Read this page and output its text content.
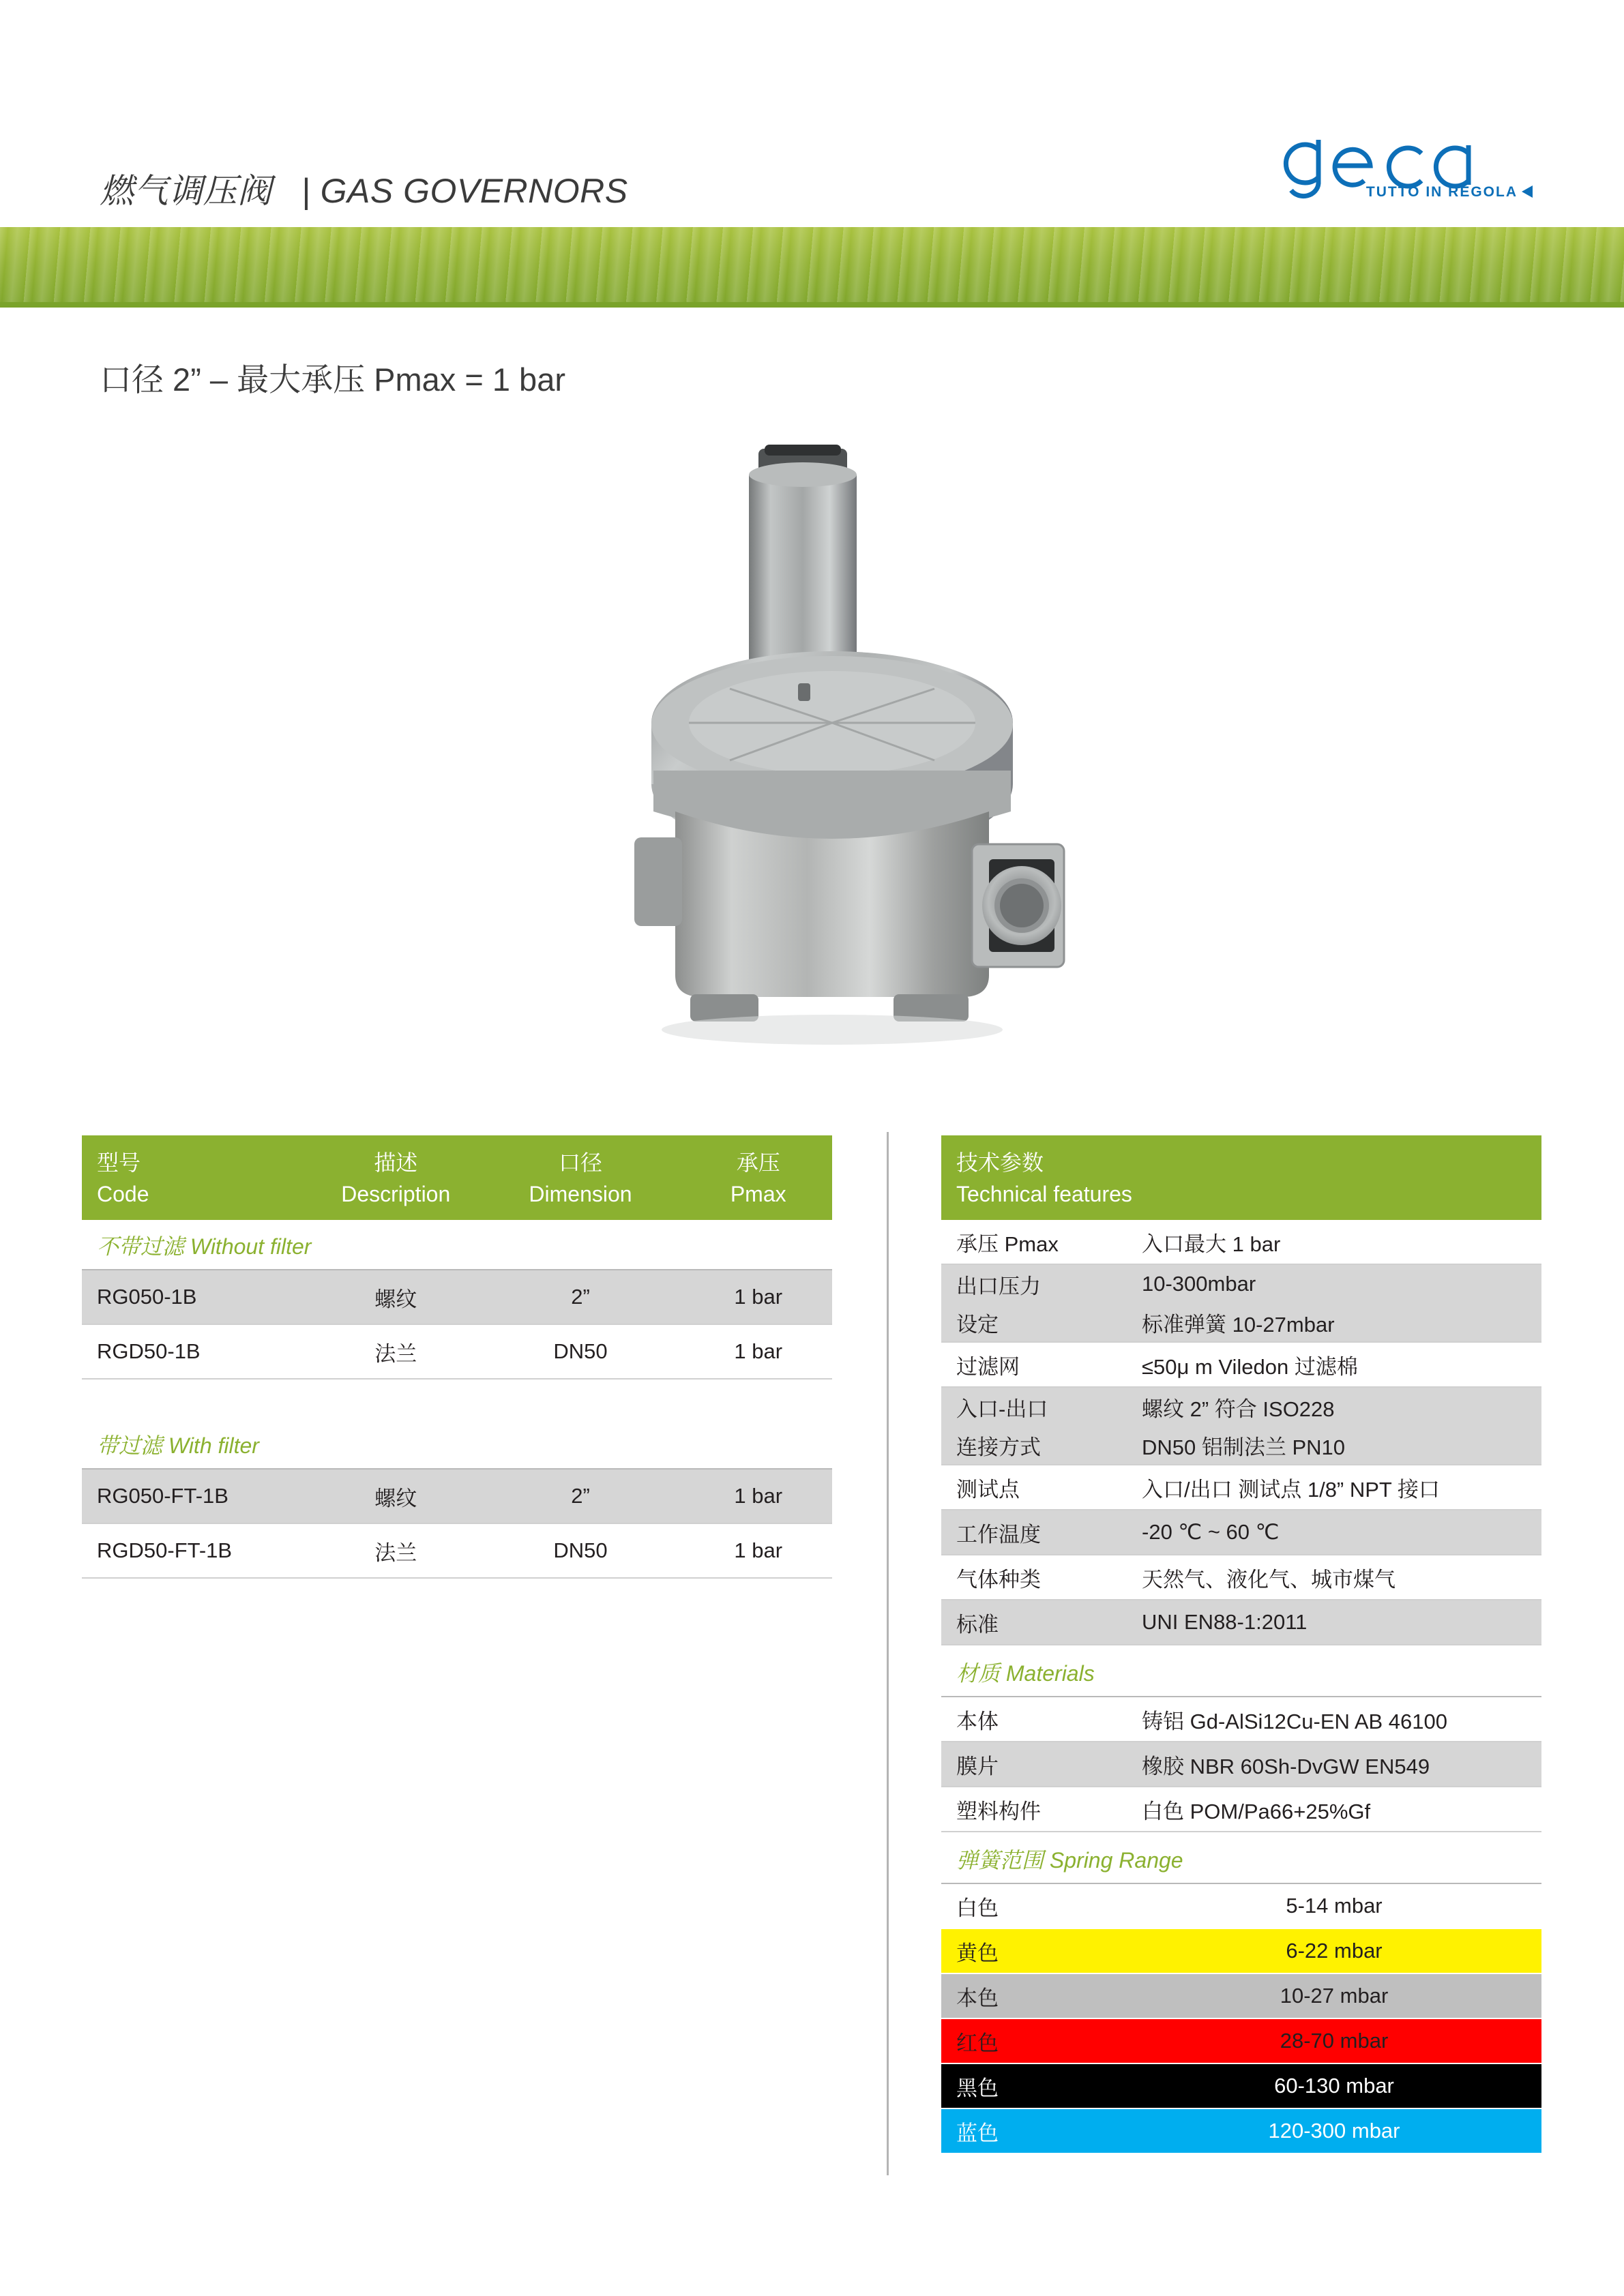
燃气调压阀 | GAS GOVERNORS	TUTTO IN REGOLA
口径 2” – 最大承压 Pmax = 1 bar
型号	描述	口径	承压
Code	Description	Dimension	Pmax
不带过滤 Without filter			
RG050-1B	螺纹	2”	1 bar
RGD50-1B	法兰	DN50	1 bar

带过滤 With filter			
RG050-FT-1B	螺纹	2”	1 bar
RGD50-FT-1B	法兰	DN50	1 bar
技术参数	
Technical features	
承压 Pmax	入口最大 1 bar
出口压力	10-300mbar
设定	标准弹簧 10-27mbar
过滤网	≤50μ m Viledon 过滤棉
入口-出口	螺纹 2” 符合 ISO228
连接方式	DN50 铝制法兰 PN10
测试点	入口/出口 测试点 1/8” NPT 接口
工作温度	-20 ℃ ~ 60 ℃
气体种类	天然气、液化气、城市煤气
标准	UNI EN88-1:2011
材质 Materials	
本体	铸铝 Gd-AlSi12Cu-EN AB 46100
膜片	橡胶 NBR 60Sh-DvGW EN549
塑料构件	白色 POM/Pa66+25%Gf
弹簧范围 Spring Range	
白色	5-14 mbar
黄色	6-22 mbar
本色	10-27 mbar
红色	28-70 mbar
黑色	60-130 mbar
蓝色	120-300 mbar
